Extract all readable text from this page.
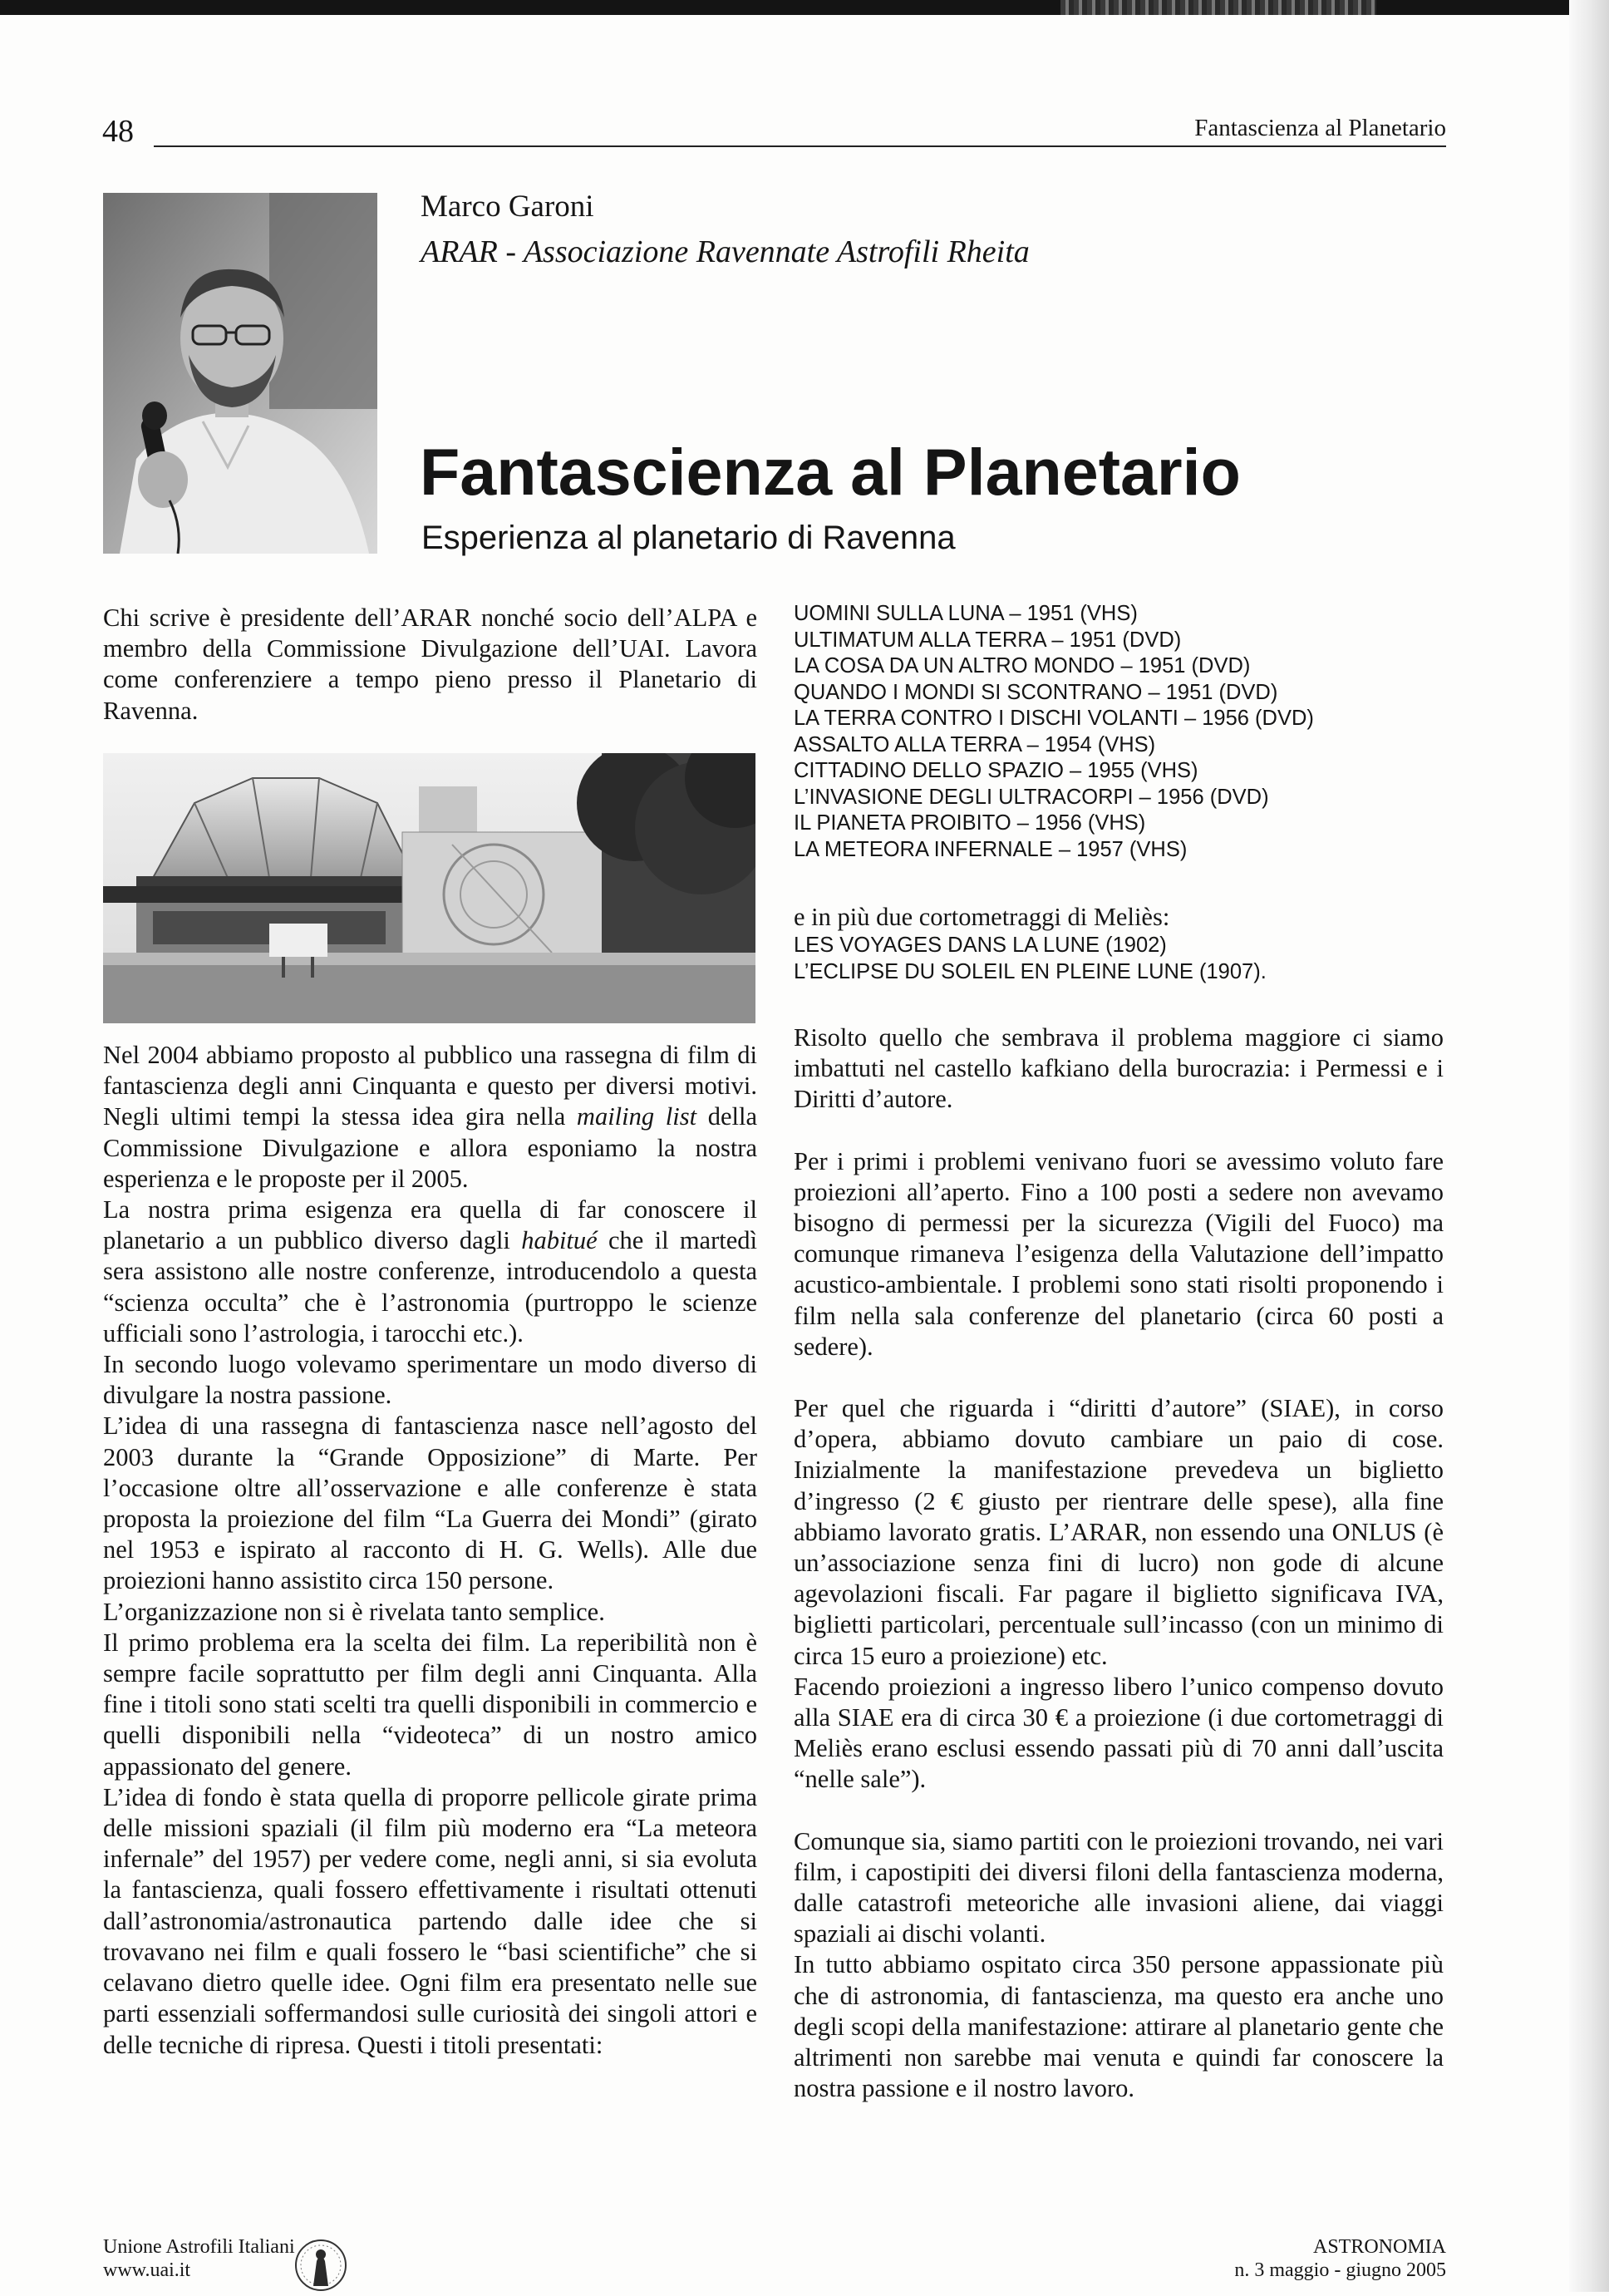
48	Fantascienza al Planetario
Marco Garoni
ARAR - Associazione Ravennate Astrofili Rheita
Fantascienza al Planetario
Esperienza al planetario di Ravenna

Chi scrive è presidente dell’ARAR nonché socio dell’ALPA e membro della Commissione Divulgazione dell’UAI. Lavora come conferenziere a tempo pieno presso il Planetario di Ravenna.

Nel 2004 abbiamo proposto al pubblico una rassegna di film di fantascienza degli anni Cinquanta e questo per diversi motivi. Negli ultimi tempi la stessa idea gira nella mailing list della Commissione Divulgazione e allora esponiamo la nostra esperienza e le proposte per il 2005.

La nostra prima esigenza era quella di far conoscere il planetario a un pubblico diverso dagli habitué che il martedì sera assistono alle nostre conferenze, introducendolo a questa “scienza occulta” che è l’astronomia (purtroppo le scienze ufficiali sono l’astrologia, i tarocchi etc.).

In secondo luogo volevamo sperimentare un modo diverso di divulgare la nostra passione.

L’idea di una rassegna di fantascienza nasce nell’agosto del 2003 durante la “Grande Opposizione” di Marte. Per l’occasione oltre all’osservazione e alle conferenze è stata proposta la proiezione del film “La Guerra dei Mondi” (girato nel 1953 e ispirato al racconto di H. G. Wells). Alle due proiezioni hanno assistito circa 150 persone.

L’organizzazione non si è rivelata tanto semplice.

Il primo problema era la scelta dei film. La reperibilità non è sempre facile soprattutto per film degli anni Cinquanta. Alla fine i titoli sono stati scelti tra quelli disponibili in commercio e quelli disponibili nella “videoteca” di un nostro amico appassionato del genere.

L’idea di fondo è stata quella di proporre pellicole girate prima delle missioni spaziali (il film più moderno era “La meteora infernale” del 1957) per vedere come, negli anni, si sia evoluta la fantascienza, quali fossero effettivamente i risultati ottenuti dall’astronomia/astronautica partendo dalle idee che si trovavano nei film e quali fossero le “basi scientifiche” che si celavano dietro quelle idee. Ogni film era presentato nelle sue parti essenziali soffermandosi sulle curiosità dei singoli attori e delle tecniche di ripresa. Questi i titoli presentati:

UOMINI SULLA LUNA – 1951 (VHS)
ULTIMATUM ALLA TERRA – 1951 (DVD)
LA COSA DA UN ALTRO MONDO – 1951 (DVD)
QUANDO I MONDI SI SCONTRANO – 1951 (DVD)
LA TERRA CONTRO I DISCHI VOLANTI – 1956 (DVD)
ASSALTO ALLA TERRA – 1954 (VHS)
CITTADINO DELLO SPAZIO – 1955 (VHS)
L’INVASIONE DEGLI ULTRACORPI – 1956 (DVD)
IL PIANETA PROIBITO – 1956 (VHS)
LA METEORA INFERNALE – 1957 (VHS)
e in più due cortometraggi di Meliès:
LES VOYAGES DANS LA LUNE (1902)
L’ECLIPSE DU SOLEIL EN PLEINE LUNE (1907).

Risolto quello che sembrava il problema maggiore ci siamo imbattuti nel castello kafkiano della burocrazia: i Permessi e i Diritti d’autore.

Per i primi i problemi venivano fuori se avessimo voluto fare proiezioni all’aperto. Fino a 100 posti a sedere non avevamo bisogno di permessi per la sicurezza (Vigili del Fuoco) ma comunque rimaneva l’esigenza della Valutazione dell’impatto acustico-ambientale. I problemi sono stati risolti proponendo i film nella sala conferenze del planetario (circa 60 posti a sedere).

Per quel che riguarda i “diritti d’autore” (SIAE), in corso d’opera, abbiamo dovuto cambiare un paio di cose. Inizialmente la manifestazione prevedeva un biglietto d’ingresso (2 € giusto per rientrare delle spese), alla fine abbiamo lavorato gratis. L’ARAR, non essendo una ONLUS (è un’associazione senza fini di lucro) non gode di alcune agevolazioni fiscali. Far pagare il biglietto significava IVA, biglietti particolari, percentuale sull’incasso (con un minimo di circa 15 euro a proiezione) etc.

Facendo proiezioni a ingresso libero l’unico compenso dovuto alla SIAE era di circa 30 € a proiezione (i due cortometraggi di Meliès erano esclusi essendo passati più di 70 anni dall’uscita “nelle sale”).

Comunque sia, siamo partiti con le proiezioni trovando, nei vari film, i capostipiti dei diversi filoni della fantascienza moderna, dalle catastrofi meteoriche alle invasioni aliene, dai viaggi spaziali ai dischi volanti.

In tutto abbiamo ospitato circa 350 persone appassionate più che di astronomia, di fantascienza, ma questo era anche uno degli scopi della manifestazione: attirare al planetario gente che altrimenti non sarebbe mai venuta e quindi far conoscere la nostra passione e il nostro lavoro.

Unione Astrofili Italiani
www.uai.it
ASTRONOMIA
n. 3 maggio - giugno 2005
